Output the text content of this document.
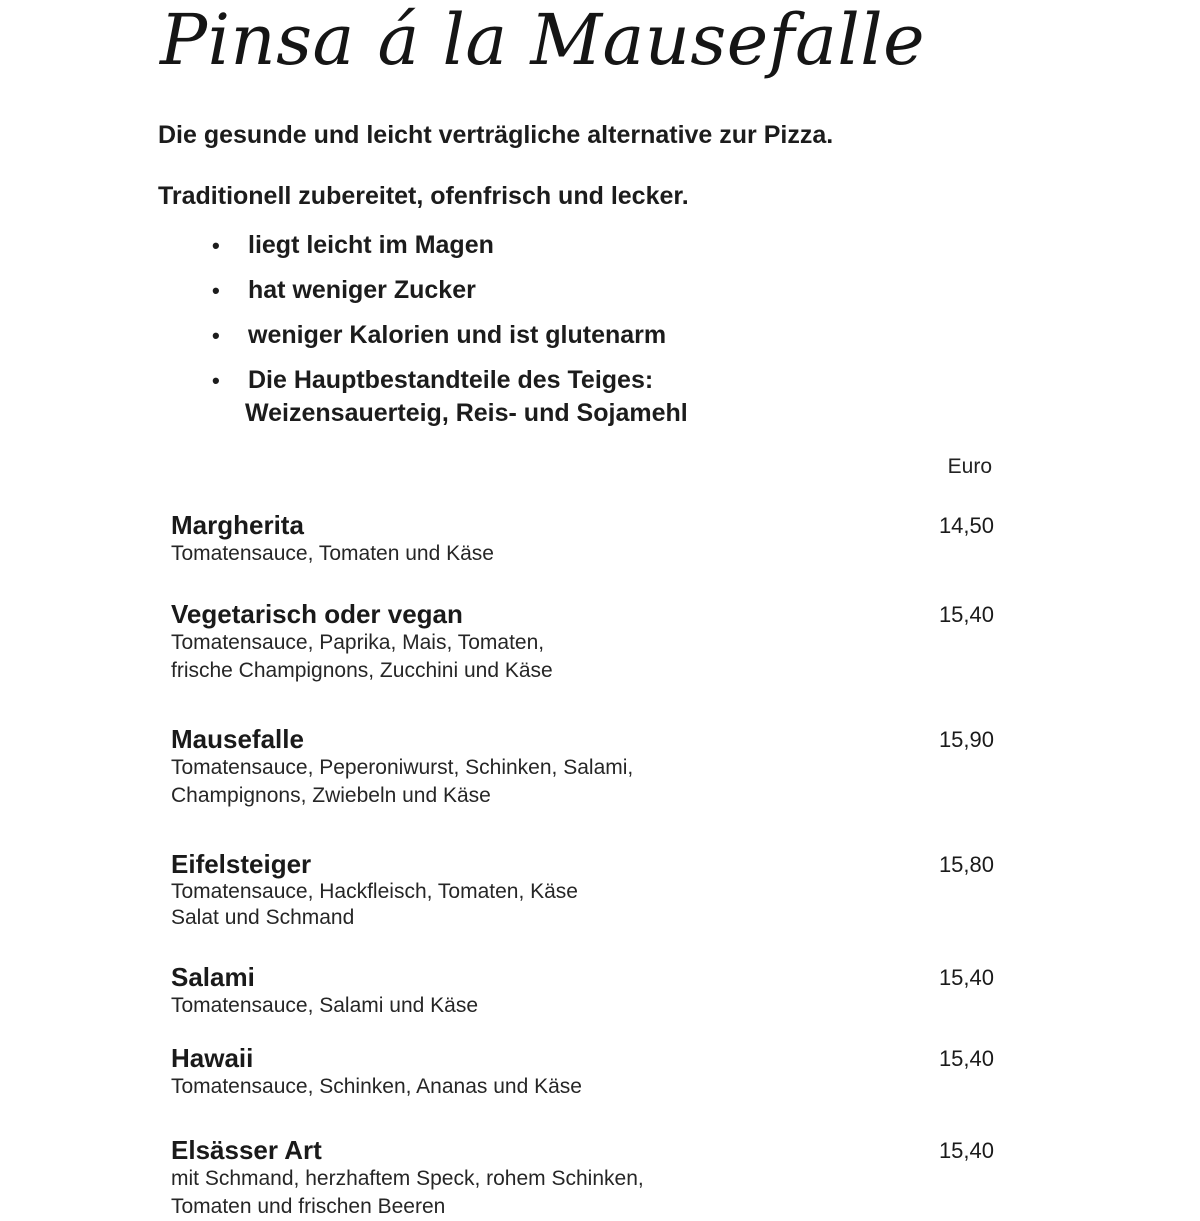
Pinsa á la Mausefalle

Die gesunde und leicht verträgliche alternative zur Pizza.

Traditionell zubereitet, ofenfrisch und lecker.

•	liegt leicht im Magen
•	hat weniger Zucker
•	weniger Kalorien und ist glutenarm
•	Die Hauptbestandteile des Teiges:
Weizensauerteig, Reis- und Sojamehl
Euro
Margherita
Tomatensauce, Tomaten und Käse
14,50
Vegetarisch oder vegan
Tomatensauce, Paprika, Mais, Tomaten,
frische Champignons, Zucchini und Käse
15,40
Mausefalle
Tomatensauce, Peperoniwurst, Schinken, Salami,
Champignons, Zwiebeln und Käse
15,90
Eifelsteiger
Tomatensauce, Hackfleisch, Tomaten, Käse
Salat und Schmand
15,80
Salami
Tomatensauce, Salami und Käse
15,40
Hawaii
Tomatensauce, Schinken, Ananas und Käse
15,40
Elsässer Art
mit Schmand, herzhaftem Speck, rohem Schinken,
Tomaten und frischen Beeren
15,40
